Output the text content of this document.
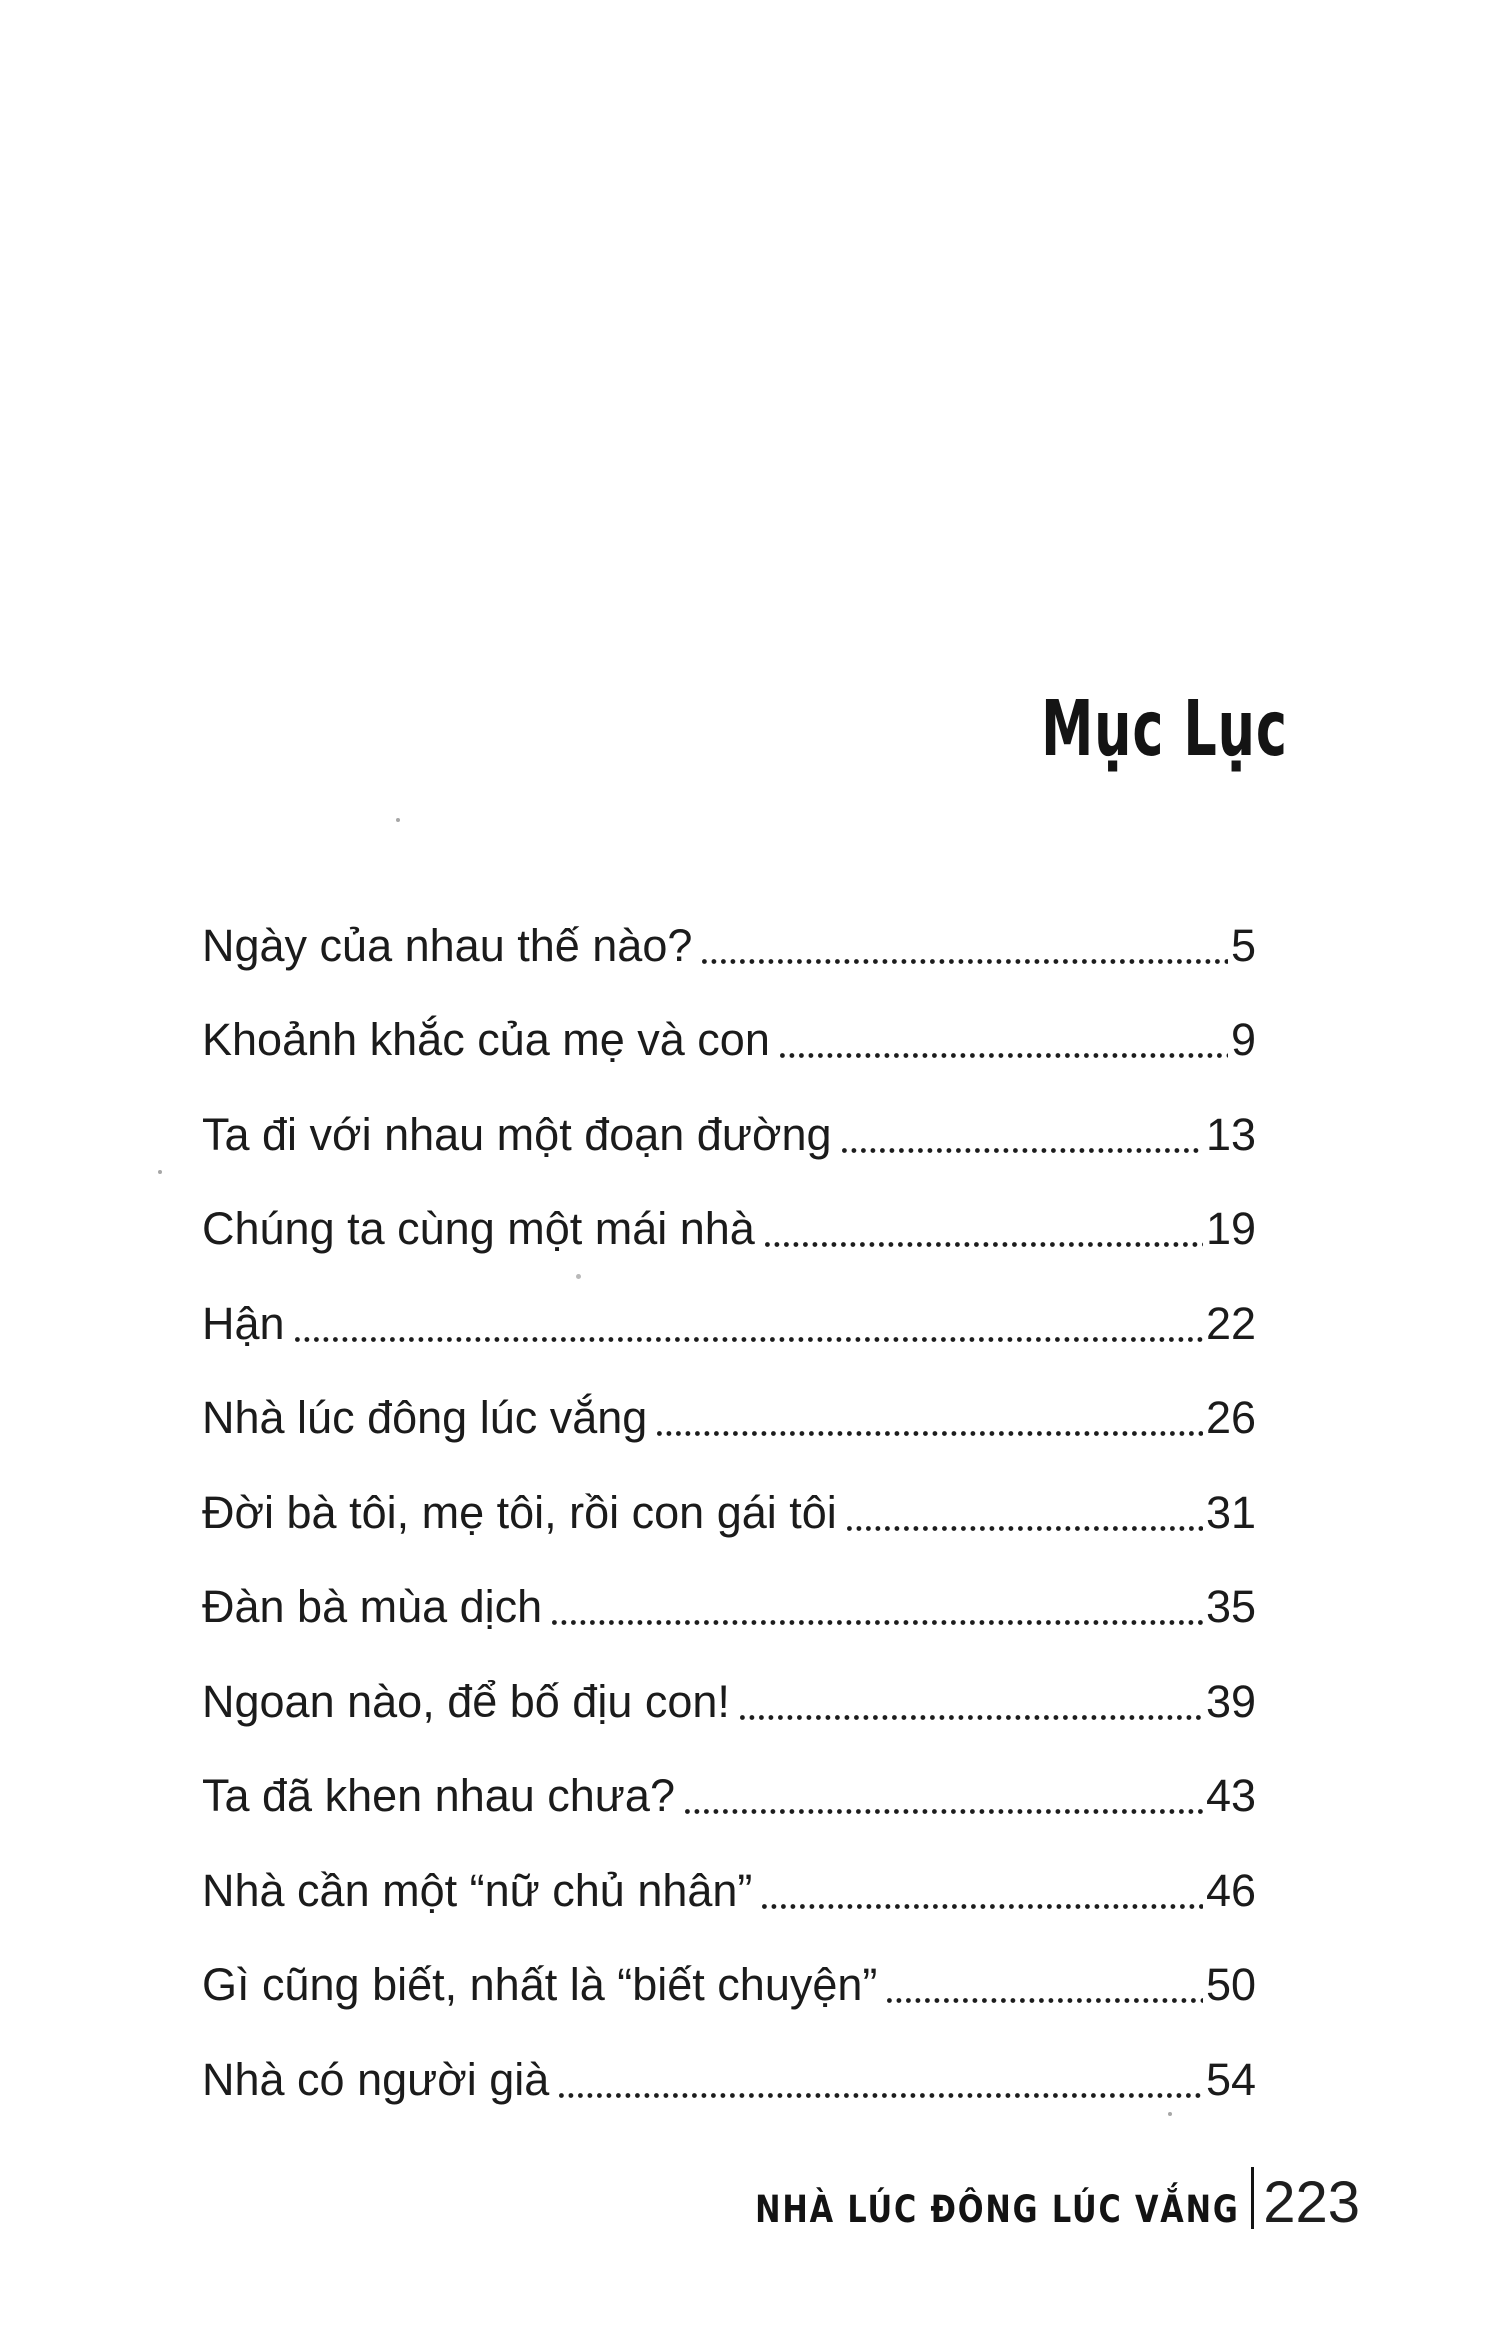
Mục Lục
Ngày của nhau thế nào?	5
Khoảnh khắc của mẹ và con	9
Ta đi với nhau một đoạn đường	13
Chúng ta cùng một mái nhà	19
Hận	22
Nhà lúc đông lúc vắng	26
Đời bà tôi, mẹ tôi, rồi con gái tôi	31
Đàn bà mùa dịch	35
Ngoan nào, để bố địu con!	39
Ta đã khen nhau chưa?	43
Nhà cần một “nữ chủ nhân”	46
Gì cũng biết, nhất là “biết chuyện”	50
Nhà có người già	54
NHÀ LÚC ĐÔNG LÚC VẮNG 223
